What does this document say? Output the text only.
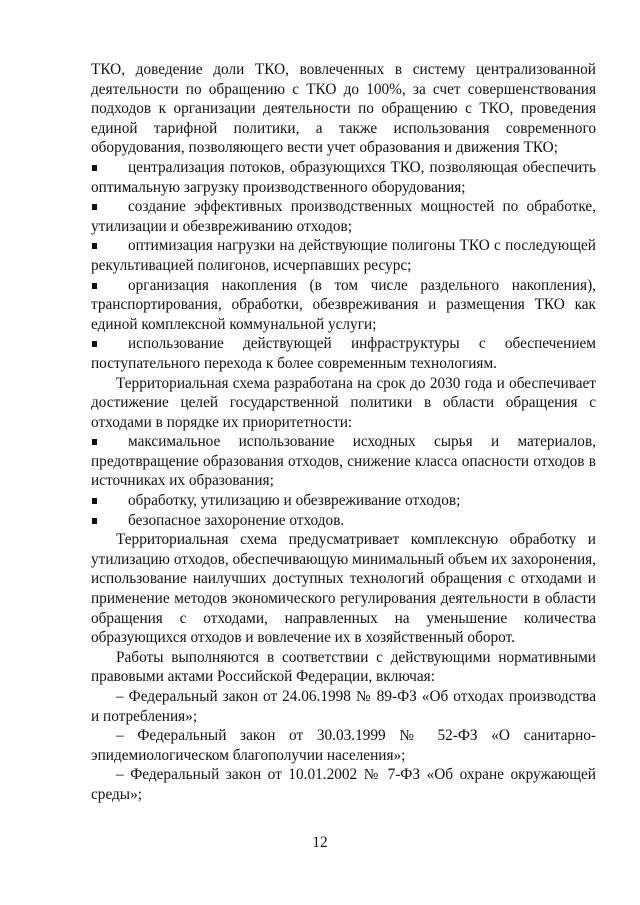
ТКО, доведение доли ТКО, вовлеченных в систему централизованной деятельности по обращению с ТКО до 100%, за счет совершенствования подходов к организации деятельности по обращению с ТКО, проведения единой тарифной политики, а также использования современного оборудования, позволяющего вести учет образования и движения ТКО;

централизация потоков, образующихся ТКО, позволяющая обеспечить оптимальную загрузку производственного оборудования;

создание эффективных производственных мощностей по обработке, утилизации и обезвреживанию отходов;

оптимизация нагрузки на действующие полигоны ТКО с последующей рекультивацией полигонов, исчерпавших ресурс;

организация накопления (в том числе раздельного накопления), транспортирования, обработки, обезвреживания и размещения ТКО как единой комплексной коммунальной услуги;

использование действующей инфраструктуры с обеспечением поступательного перехода к более современным технологиям.

Территориальная схема разработана на срок до 2030 года и обеспечивает достижение целей государственной политики в области обращения с отходами в порядке их приоритетности:

максимальное использование исходных сырья и материалов, предотвращение образования отходов, снижение класса опасности отходов в источниках их образования;

обработку, утилизацию и обезвреживание отходов;

безопасное захоронение отходов.

Территориальная схема предусматривает комплексную обработку и утилизацию отходов, обеспечивающую минимальный объем их захоронения, использование наилучших доступных технологий обращения с отходами и применение методов экономического регулирования деятельности в области обращения с отходами, направленных на уменьшение количества образующихся отходов и вовлечение их в хозяйственный оборот.

Работы выполняются в соответствии с действующими нормативными правовыми актами Российской Федерации, включая:

– Федеральный закон от 24.06.1998 № 89-ФЗ «Об отходах производства и потребления»;

– Федеральный закон от 30.03.1999 № 52-ФЗ «О санитарно-эпидемиологическом благополучии населения»;

– Федеральный закон от 10.01.2002 № 7-ФЗ «Об охране окружающей среды»;

12
